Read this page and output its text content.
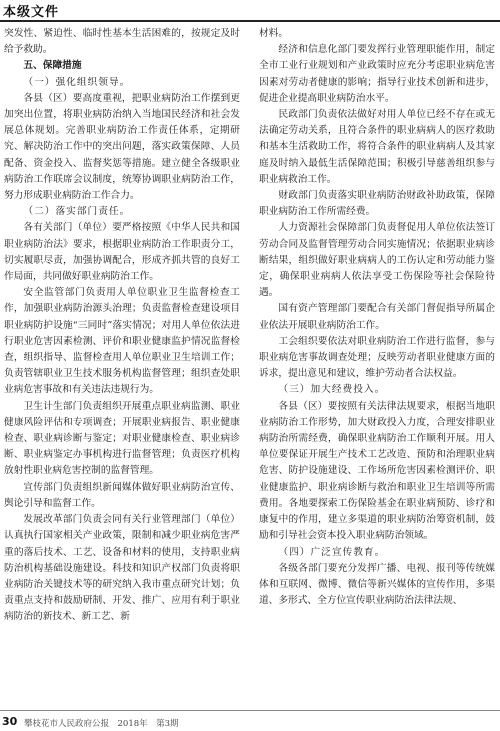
本级文件

突发性、紧迫性、临时性基本生活困难的，按规定及时给予救助。

五、保障措施

（一）强化组织领导。

各县（区）要高度重视，把职业病防治工作摆到更加突出位置，将职业病防治纳入当地国民经济和社会发展总体规划。完善职业病防治工作责任体系，定期研究、解决防治工作中的突出问题，落实政策保障、人员配备、资金投入、监督奖惩等措施。建立健全各级职业病防治工作联席会议制度，统筹协调职业病防治工作，努力形成职业病防治工作合力。

（二）落实部门责任。

各有关部门（单位）要严格按照《中华人民共和国职业病防治法》要求，根据职业病防治工作职责分工，切实履职尽责，加强协调配合，形成齐抓共管的良好工作局面，共同做好职业病防治工作。

安全监管部门负责用人单位职业卫生监督检查工作，加强职业病防治源头治理；负责监督检查建设项目职业病防护设施“三同时”落实情况；对用人单位依法进行职业危害因素检测、评价和职业健康监护情况监督检查，组织指导、监督检查用人单位职业卫生培训工作；负责管辖职业卫生技术服务机构监督管理；组织查处职业病危害事故和有关违法违规行为。

卫生计生部门负责组织开展重点职业病监测、职业健康风险评估和专项调查；开展职业病报告、职业健康检查、职业病诊断与鉴定；对职业健康检查、职业病诊断、职业病鉴定办事机构进行监督管理；负责医疗机构放射性职业病危害控制的监督管理。

宣传部门负责组织新闻媒体做好职业病防治宣传、舆论引导和监督工作。

发展改革部门负责会同有关行业管理部门（单位）认真执行国家相关产业政策，限制和减少职业病危害严重的落后技术、工艺、设备和材料的使用，支持职业病防治机构基础设施建设。科技和知识产权部门负责将职业病防治关键技术等的研究纳入我市重点研究计划；负责重点支持和鼓励研制、开发、推广、应用有利于职业病防治的新技术、新工艺、新

材料。

经济和信息化部门要发挥行业管理职能作用，制定全市工业行业规划和产业政策时应充分考虑职业病危害因素对劳动者健康的影响；指导行业技术创新和进步，促进企业提高职业病防治水平。

民政部门负责依法做好对用人单位已经不存在或无法确定劳动关系，且符合条件的职业病病人的医疗救助和基本生活救助工作，将符合条件的职业病病人及其家庭及时纳入最低生活保障范围；积极引导慈善组织参与职业病救治工作。

财政部门负责落实职业病防治财政补助政策，保障职业病防治工作所需经费。

人力资源社会保障部门负责督促用人单位依法签订劳动合同及监督管理劳动合同实施情况；依据职业病诊断结果，组织做好职业病病人的工伤认定和劳动能力鉴定，确保职业病病人依法享受工伤保险等社会保险待遇。

国有资产管理部门要配合有关部门督促指导所属企业依法开展职业病防治工作。

工会组织要依法对职业病防治工作进行监督，参与职业病危害事故调查处理；反映劳动者职业健康方面的诉求，提出意见和建议，维护劳动者合法权益。

（三）加大经费投入。

各县（区）要按照有关法律法规要求，根据当地职业病防治工作形势，加大财政投入力度，合理安排职业病防治所需经费，确保职业病防治工作顺利开展。用人单位要保证开展生产技术工艺改造、预防和治理职业病危害、防护设施建设、工作场所危害因素检测评价、职业健康监护、职业病诊断与救治和职业卫生培训等所需费用。各地要探索工伤保险基金在职业病预防、诊疗和康复中的作用，建立多渠道的职业病防治筹资机制，鼓励和引导社会资本投入职业病防治领域。

（四）广泛宣传教育。

各级各部门要充分发挥广播、电视、报刊等传统媒体和互联网、微博、微信等新兴媒体的宣传作用，多渠道、多形式、全方位宣传职业病防治法律法规、

30 攀枝花市人民政府公报　2018年　第3期
